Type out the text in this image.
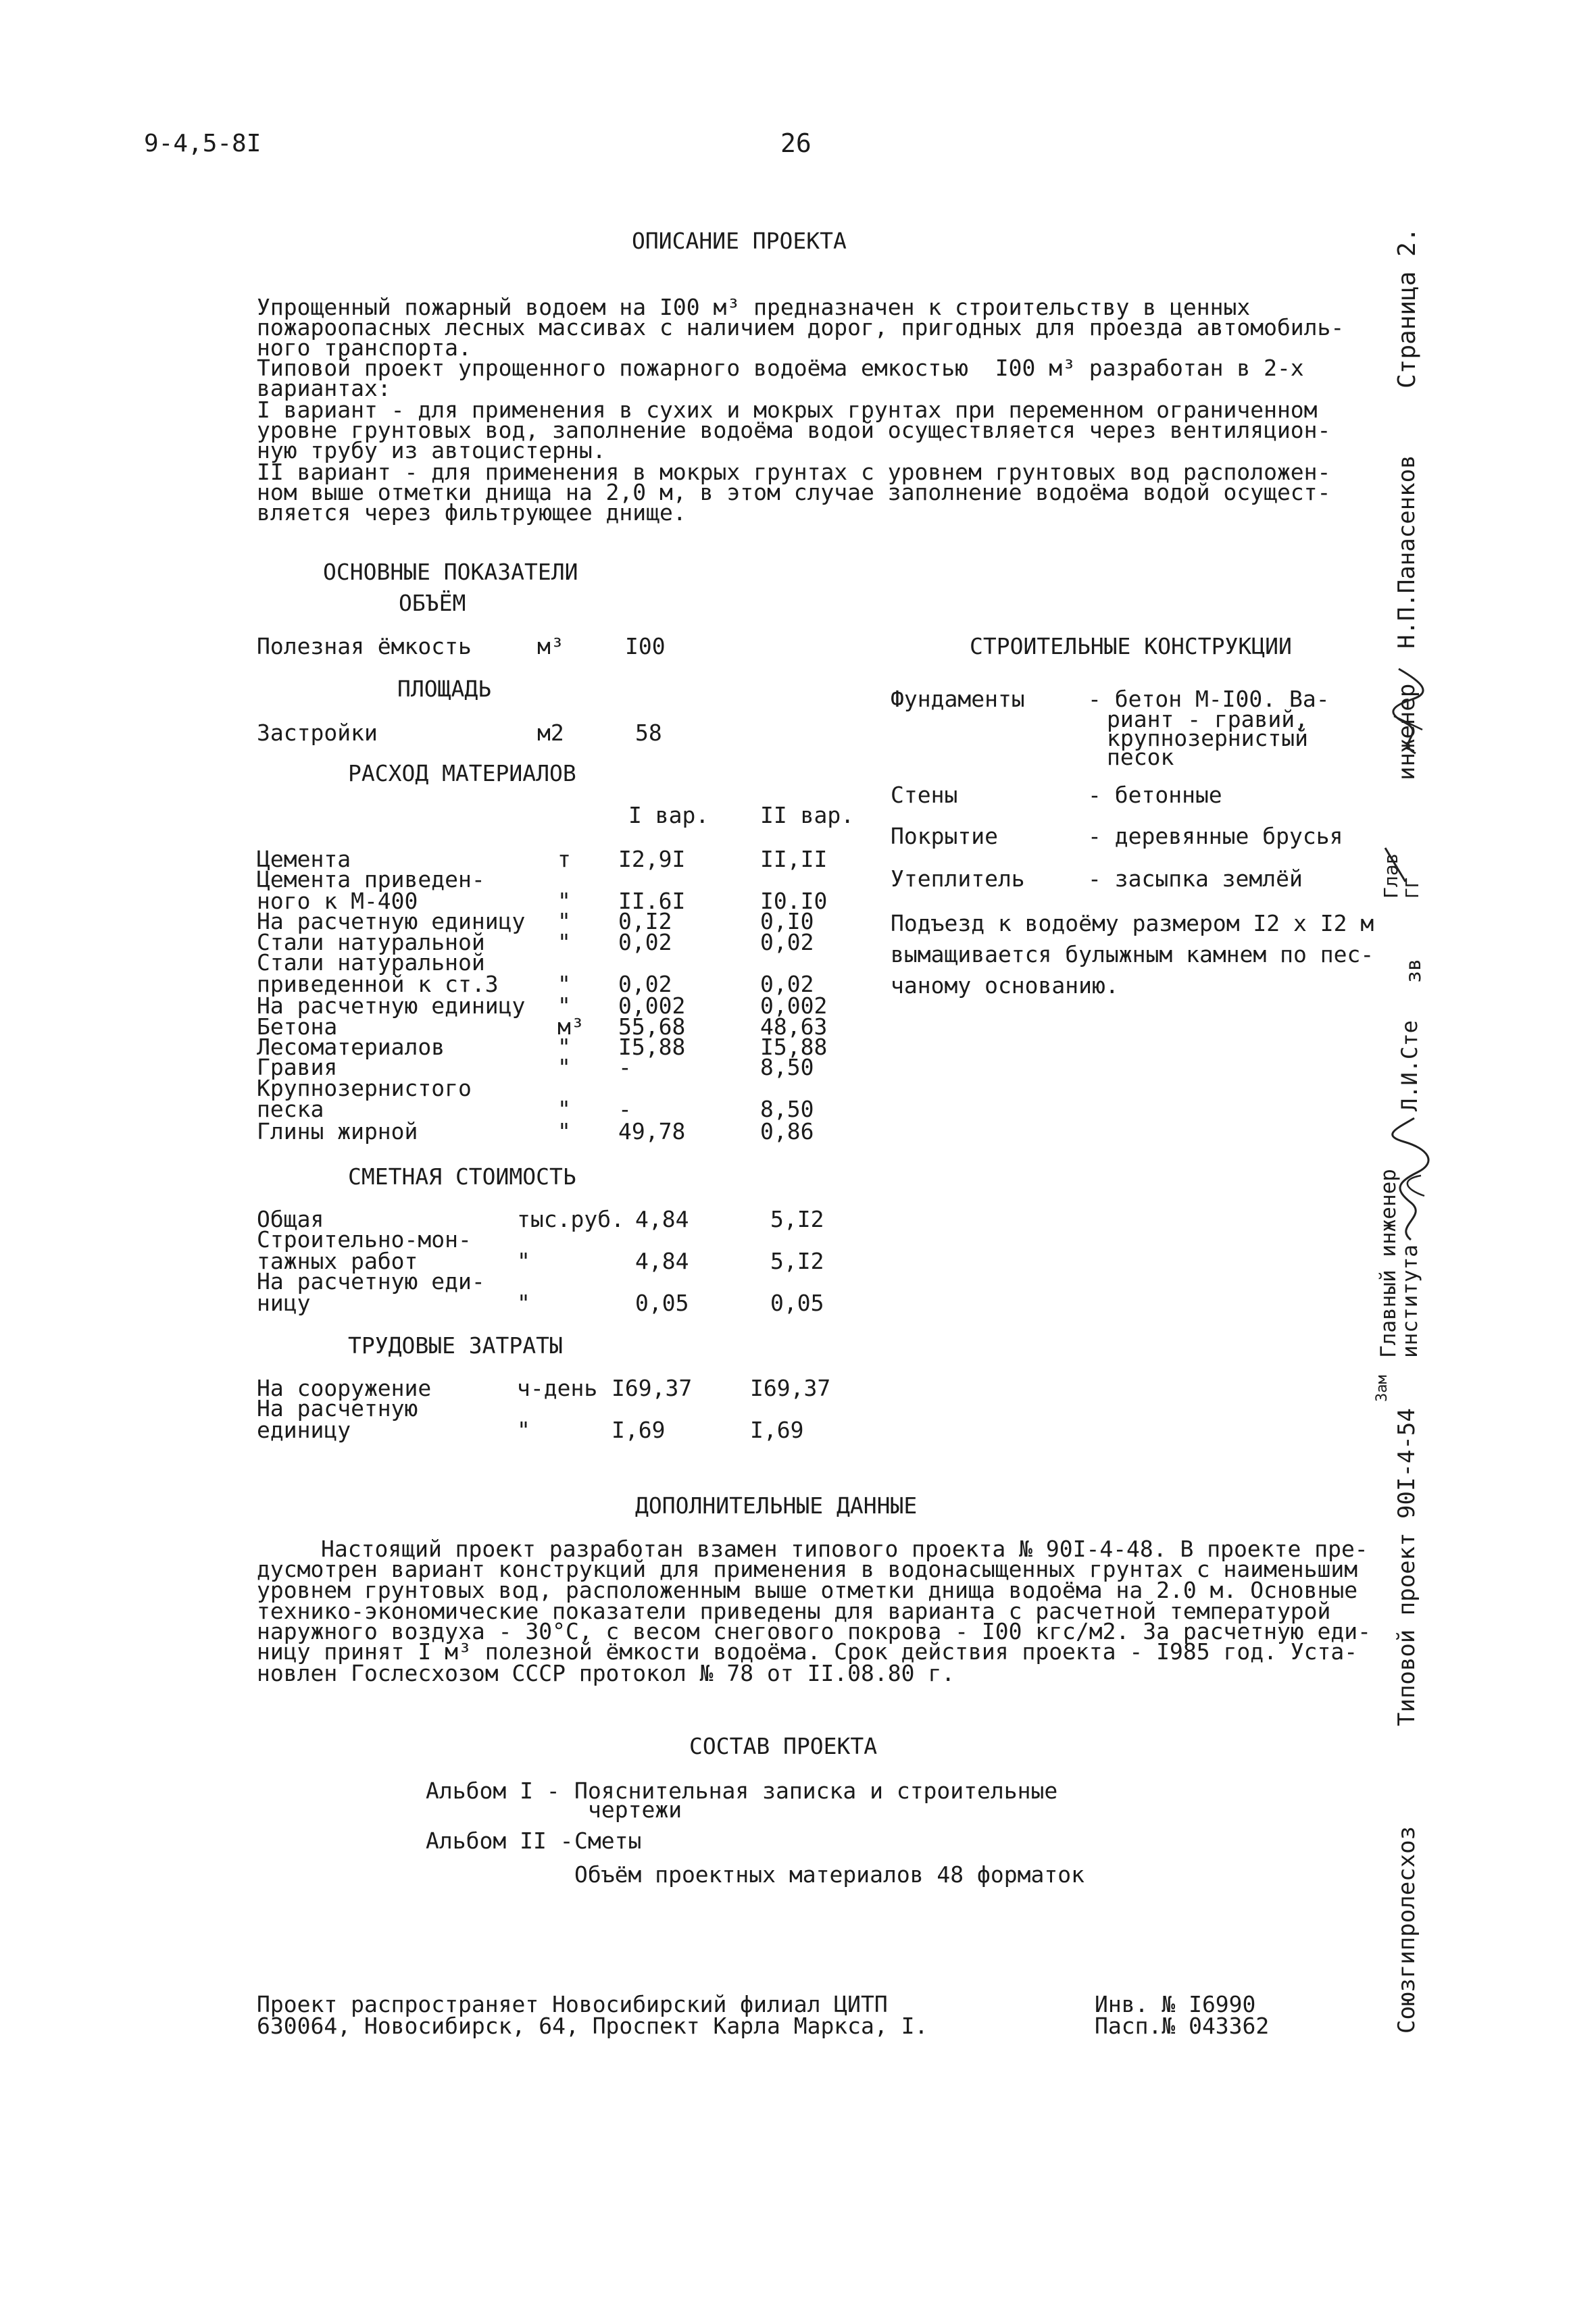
9-4,5-8I	26
ОПИСАНИЕ ПРОЕКТА
Упрощенный пожарный водоем на I00 м³ предназначен к строительству в ценных
пожароопасных лесных массивах с наличием дорог, пригодных для проезда автомобиль-
ного транспорта.
Типовой проект упрощенного пожарного водоёма емкостью  I00 м³ разработан в 2-х
вариантах:
I вариант - для применения в сухих и мокрых грунтах при переменном ограниченном
уровне грунтовых вод, заполнение водоёма водой осуществляется через вентиляцион-
ную трубу из автоцистерны.
II вариант - для применения в мокрых грунтах с уровнем грунтовых вод расположен-
ном выше отметки днища на 2,0 м, в этом случае заполнение водоёма водой осущест-
вляется через фильтрующее днище.
ОСНОВНЫЕ ПОКАЗАТЕЛИ
ОБЪЁМ
Полезная ёмкость	м³	I00
ПЛОЩАДЬ
Застройки	м2	58
РАСХОД МАТЕРИАЛОВ
I вар. II вар.
Цемента	т I2,9I	II,II
Цемента приведен-
ного к М-400	" II.6I	I0.I0
На расчетную единицу " 0,I2	0,I0
Стали натуральной	" 0,02	0,02
Стали натуральной
приведенной к ст.3	" 0,02	0,02
На расчетную единицу " 0,002	0,002
Бетона	м³ 55,68	48,63
Лесоматериалов	" I5,88	I5,88
Гравия	" -	8,50
Крупнозернистого
песка	" -	8,50
Глины жирной	" 49,78	0,86
СМЕТНАЯ СТОИМОСТЬ
Общая	тыс.руб. 4,84	5,I2
Строительно-мон-
тажных работ	"	4,84	5,I2
На расчетную еди-
ницу	"	0,05	0,05
ТРУДОВЫЕ ЗАТРАТЫ
На сооружение	ч-день I69,37	I69,37
На расчетную
единицу	"	I,69	I,69
СТРОИТЕЛЬНЫЕ КОНСТРУКЦИИ
Фундаменты	- бетон М-I00. Ва-
риант - гравий,
крупнозернистый
песок
Стены	- бетонные
Покрытие	- деревянные брусья
Утеплитель	- засыпка землёй
Подъезд к водоёму размером I2 х I2 м
вымащивается булыжным камнем по пес-
чаному основанию.
ДОПОЛНИТЕЛЬНЫЕ ДАННЫЕ
Настоящий проект разработан взамен типового проекта № 90I-4-48. В проекте пре-
дусмотрен вариант конструкций для применения в водонасыщенных грунтах с наименьшим
уровнем грунтовых вод, расположенным выше отметки днища водоёма на 2.0 м. Основные
технико-экономические показатели приведены для варианта с расчетной температурой
наружного воздуха - 30°С, с весом снегового покрова - I00 кгс/м2. За расчетную еди-
ницу принят I м³ полезной ёмкости водоёма. Срок действия проекта - I985 год. Уста-
новлен Гослесхозом СССР протокол № 78 от II.08.80 г.
СОСТАВ ПРОЕКТА
Альбом I - Пояснительная записка и строительные
чертежи
Альбом II - Сметы
Объём проектных материалов 48 форматок
Проект распространяет Новосибирский филиал ЦИТП
630064, Новосибирск, 64, Проспект Карла Маркса, I.
Инв. № I6990
Пасп.№ 043362
Страница 2.
Н.П.Панасенков
инженер
Глав ГГ
зв
Л.И.Сте
Главный инженер
института
Зам
Типовой проект 90I-4-54
Союзгипролесхоз
